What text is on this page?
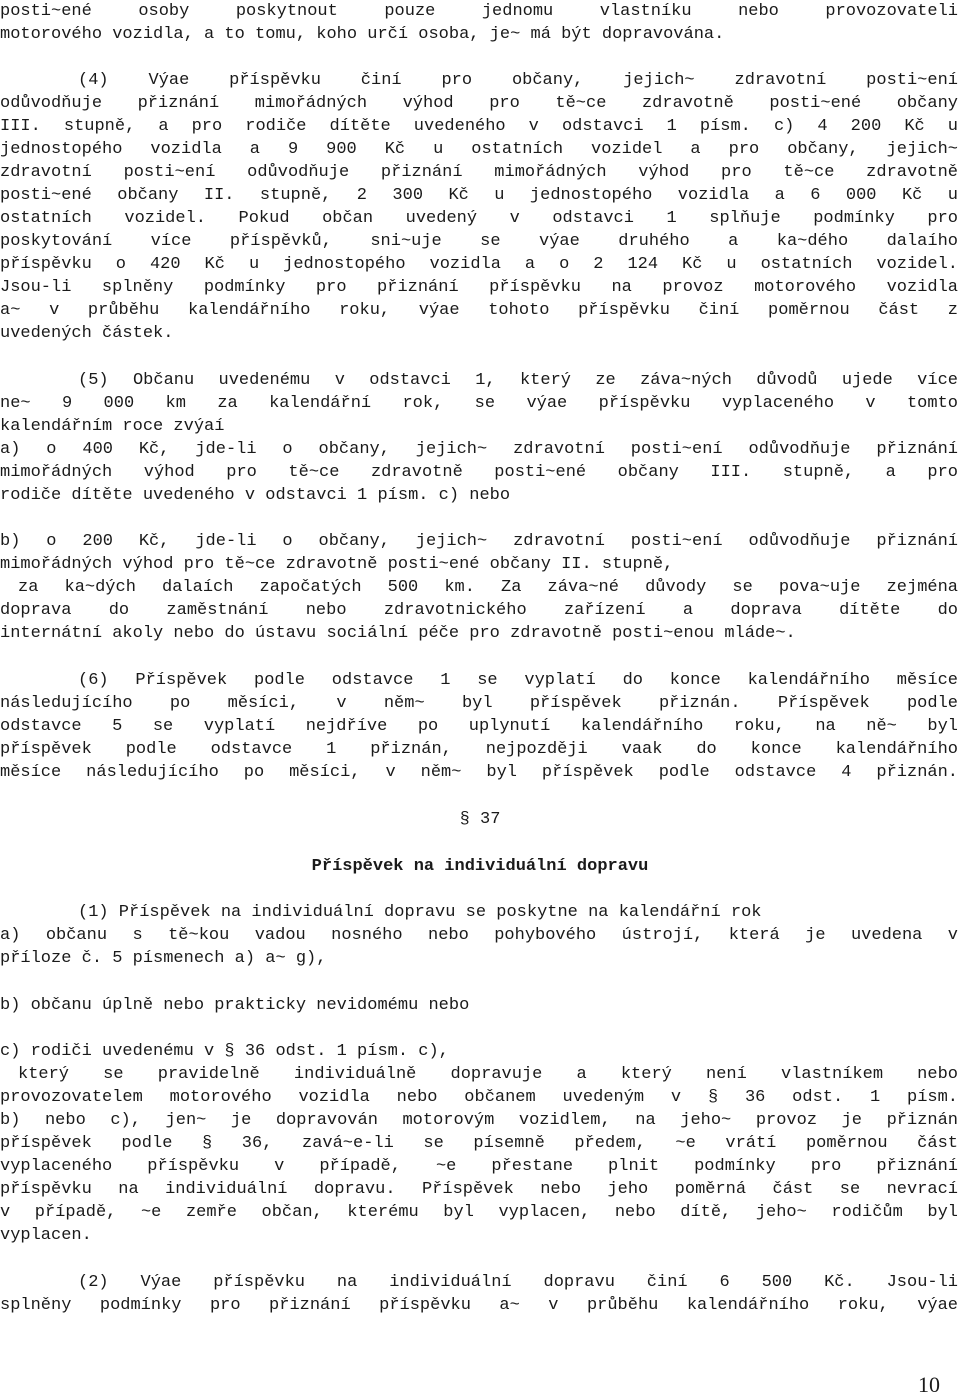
posti~ené osoby poskytnout pouze jednomu vlastníku nebo provozovateli
motorového vozidla, a to tomu, koho určí osoba, je~ má být dopravována.
(4) Výae příspěvku činí pro občany, jejich~ zdravotní posti~ení
odůvodňuje přiznání mimořádných výhod pro tě~ce zdravotně posti~ené občany
III. stupně, a pro rodiče dítěte uvedeného v odstavci 1 písm. c) 4 200 Kč u
jednostopého vozidla a 9 900 Kč u ostatních vozidel a pro občany, jejich~
zdravotní posti~ení odůvodňuje přiznání mimořádných výhod pro tě~ce zdravotně
posti~ené občany II. stupně, 2 300 Kč u jednostopého vozidla a 6 000 Kč u
ostatních vozidel. Pokud občan uvedený v odstavci 1 splňuje podmínky pro
poskytování více příspěvků, sni~uje se výae druhého a ka~dého dalaího
příspěvku o 420 Kč u jednostopého vozidla a o 2 124 Kč u ostatních vozidel.
Jsou-li splněny podmínky pro přiznání příspěvku na provoz motorového vozidla
a~ v průběhu kalendářního roku, výae tohoto příspěvku činí poměrnou část z
uvedených částek.
(5) Občanu uvedenému v odstavci 1, který ze záva~ných důvodů ujede více
ne~ 9 000 km za kalendářní rok, se výae příspěvku vyplaceného v tomto
kalendářním roce zvýaí
a) o 400 Kč, jde-li o občany, jejich~ zdravotní posti~ení odůvodňuje přiznání
mimořádných výhod pro tě~ce zdravotně posti~ené občany III. stupně, a pro
rodiče dítěte uvedeného v odstavci 1 písm. c) nebo
b) o 200 Kč, jde-li o občany, jejich~ zdravotní posti~ení odůvodňuje přiznání
mimořádných výhod pro tě~ce zdravotně posti~ené občany II. stupně,
za ka~dých dalaích započatých 500 km. Za záva~né důvody se pova~uje zejména
doprava do zaměstnání nebo zdravotnického zařízení a doprava dítěte do
internátní akoly nebo do ústavu sociální péče pro zdravotně posti~enou mláde~.
(6) Příspěvek podle odstavce 1 se vyplatí do konce kalendářního měsíce
následujícího po měsíci, v něm~ byl příspěvek přiznán. Příspěvek podle
odstavce 5 se vyplatí nejdříve po uplynutí kalendářního roku, na ně~ byl
příspěvek podle odstavce 1 přiznán, nejpozději vaak do konce kalendářního
měsíce následujícího po měsíci, v něm~ byl příspěvek podle odstavce 4 přiznán.
§ 37
Příspěvek na individuální dopravu
(1) Příspěvek na individuální dopravu se poskytne na kalendářní rok
a) občanu s tě~kou vadou nosného nebo pohybového ústrojí, která je uvedena v
příloze č. 5 písmenech a) a~ g),
b) občanu úplně nebo prakticky nevidomému nebo
c) rodiči uvedenému v § 36 odst. 1 písm. c),
který se pravidelně individuálně dopravuje a který není vlastníkem nebo
provozovatelem motorového vozidla nebo občanem uvedeným v § 36 odst. 1 písm.
b) nebo c), jen~ je dopravován motorovým vozidlem, na jeho~ provoz je přiznán
příspěvek podle § 36, zavá~e-li se písemně předem, ~e vrátí poměrnou část
vyplaceného příspěvku v případě, ~e přestane plnit podmínky pro přiznání
příspěvku na individuální dopravu. Příspěvek nebo jeho poměrná část se nevrací
v případě, ~e zemře občan, kterému byl vyplacen, nebo dítě, jeho~ rodičům byl
vyplacen.
(2) Výae příspěvku na individuální dopravu činí 6 500 Kč. Jsou-li
splněny podmínky pro přiznání příspěvku a~ v průběhu kalendářního roku, výae
10
